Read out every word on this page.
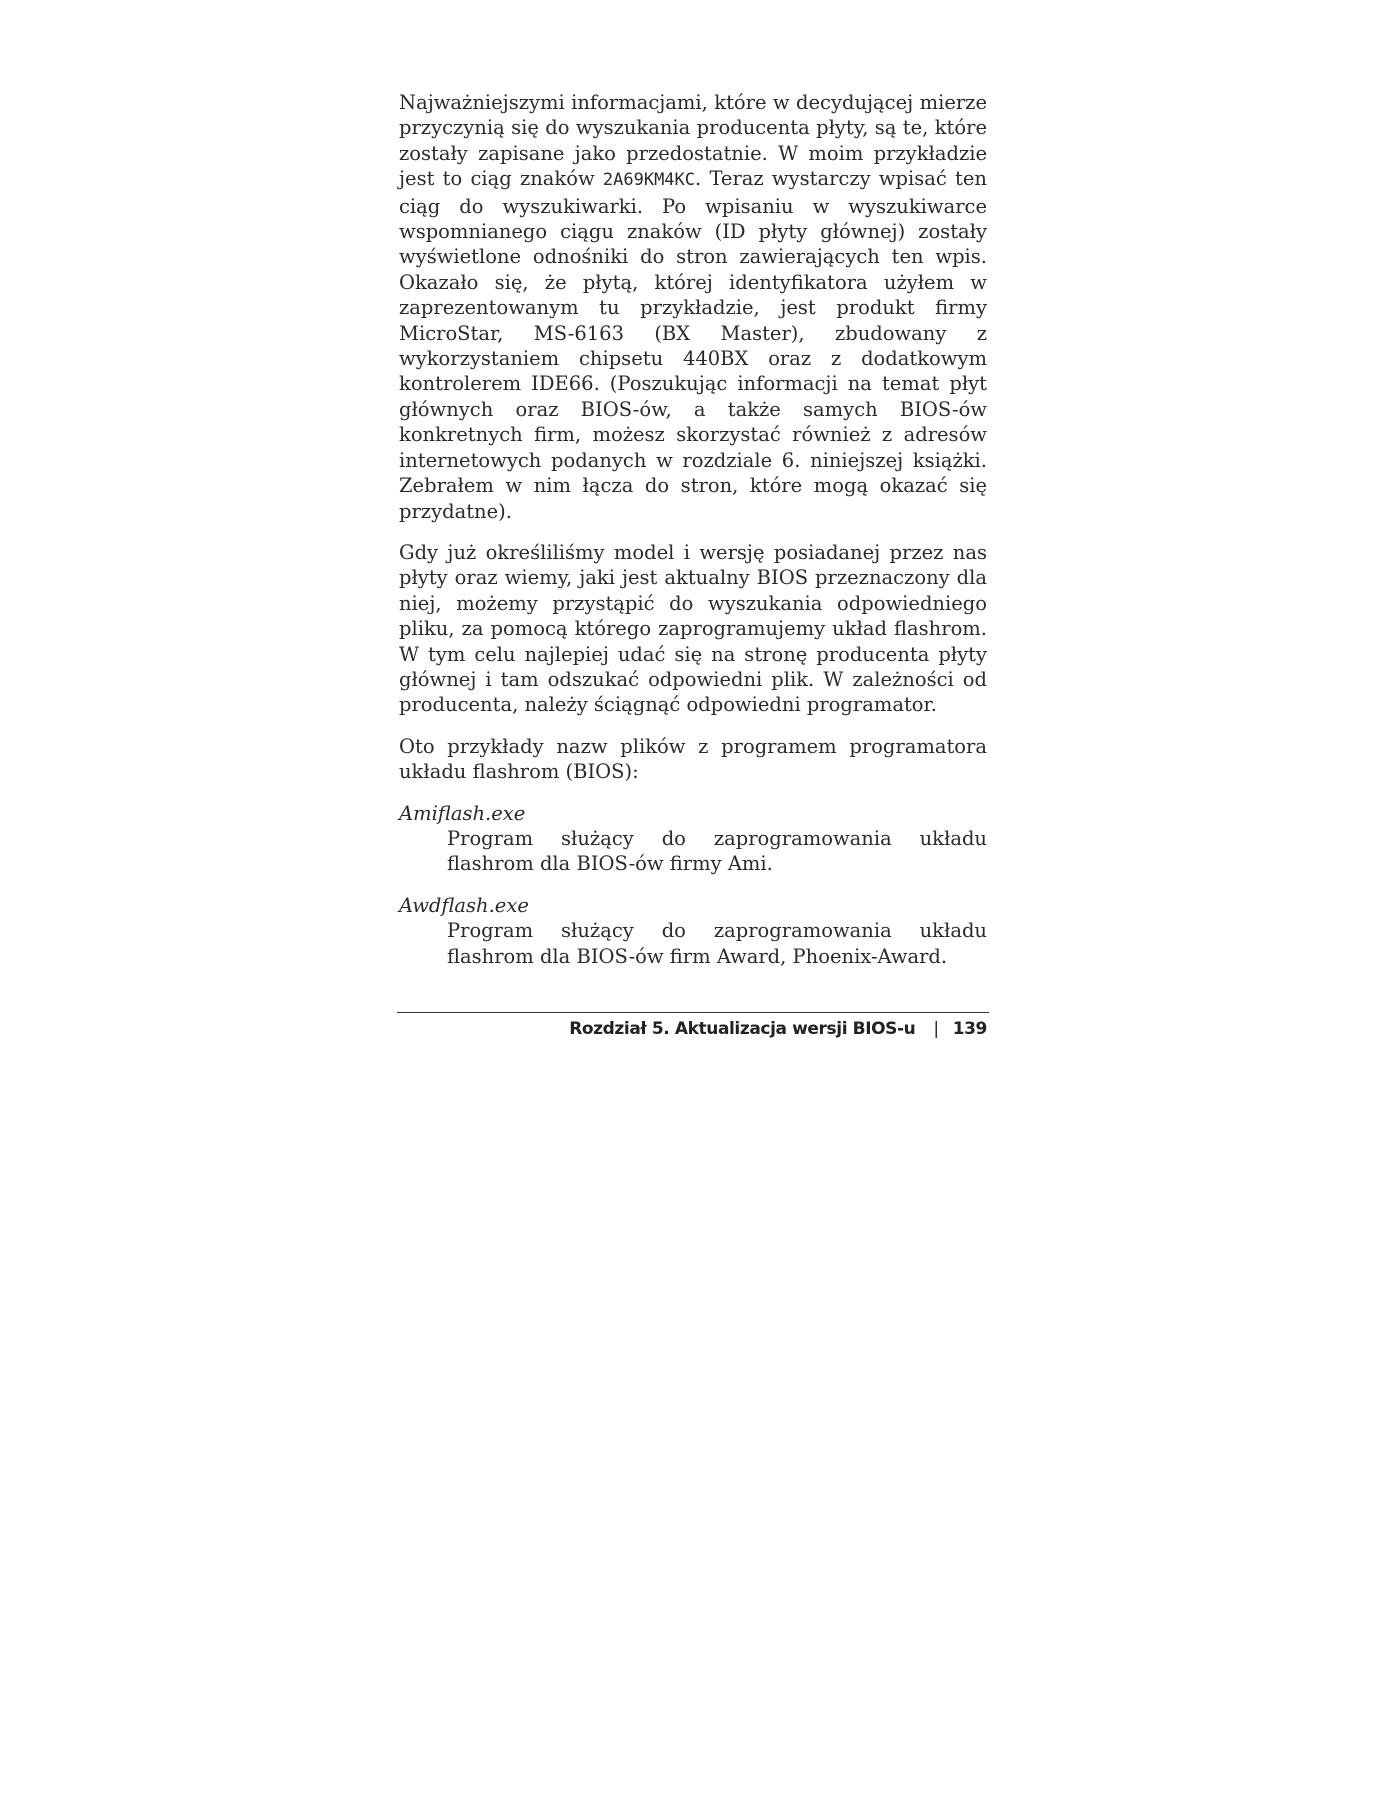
Najważniejszymi informacjami, które w decydującej mierze przyczynią się do wyszukania producenta płyty, są te, które zostały zapisane jako przedostatnie. W moim przykładzie jest to ciąg znaków 2A69KM4KC. Teraz wystarczy wpisać ten ciąg do wyszukiwarki. Po wpisaniu w wyszukiwarce wspomnianego ciągu znaków (ID płyty głównej) zostały wyświetlone odnośniki do stron zawierających ten wpis. Okazało się, że płytą, której identyfikatora użyłem w zaprezentowanym tu przykładzie, jest produkt firmy MicroStar, MS-6163 (BX Master), zbudowany z wykorzystaniem chipsetu 440BX oraz z dodatkowym kontrolerem IDE66. (Poszukując informacji na temat płyt głównych oraz BIOS-ów, a także samych BIOS-ów konkretnych firm, możesz skorzystać również z adresów internetowych podanych w rozdziale 6. niniejszej książki. Zebrałem w nim łącza do stron, które mogą okazać się przydatne).

Gdy już określiliśmy model i wersję posiadanej przez nas płyty oraz wiemy, jaki jest aktualny BIOS przeznaczony dla niej, możemy przystąpić do wyszukania odpowiedniego pliku, za pomocą którego zaprogramujemy układ flashrom. W tym celu najlepiej udać się na stronę producenta płyty głównej i tam odszukać odpowiedni plik. W zależności od producenta, należy ściągnąć odpowiedni programator.

Oto przykłady nazw plików z programem programatora układu flashrom (BIOS):

Amiflash.exe

Program służący do zaprogramowania układu flashrom dla BIOS-ów firmy Ami.

Awdflash.exe

Program służący do zaprogramowania układu flashrom dla BIOS-ów firm Award, Phoenix-Award.

Rozdział 5. Aktualizacja wersji BIOS-u | 139
